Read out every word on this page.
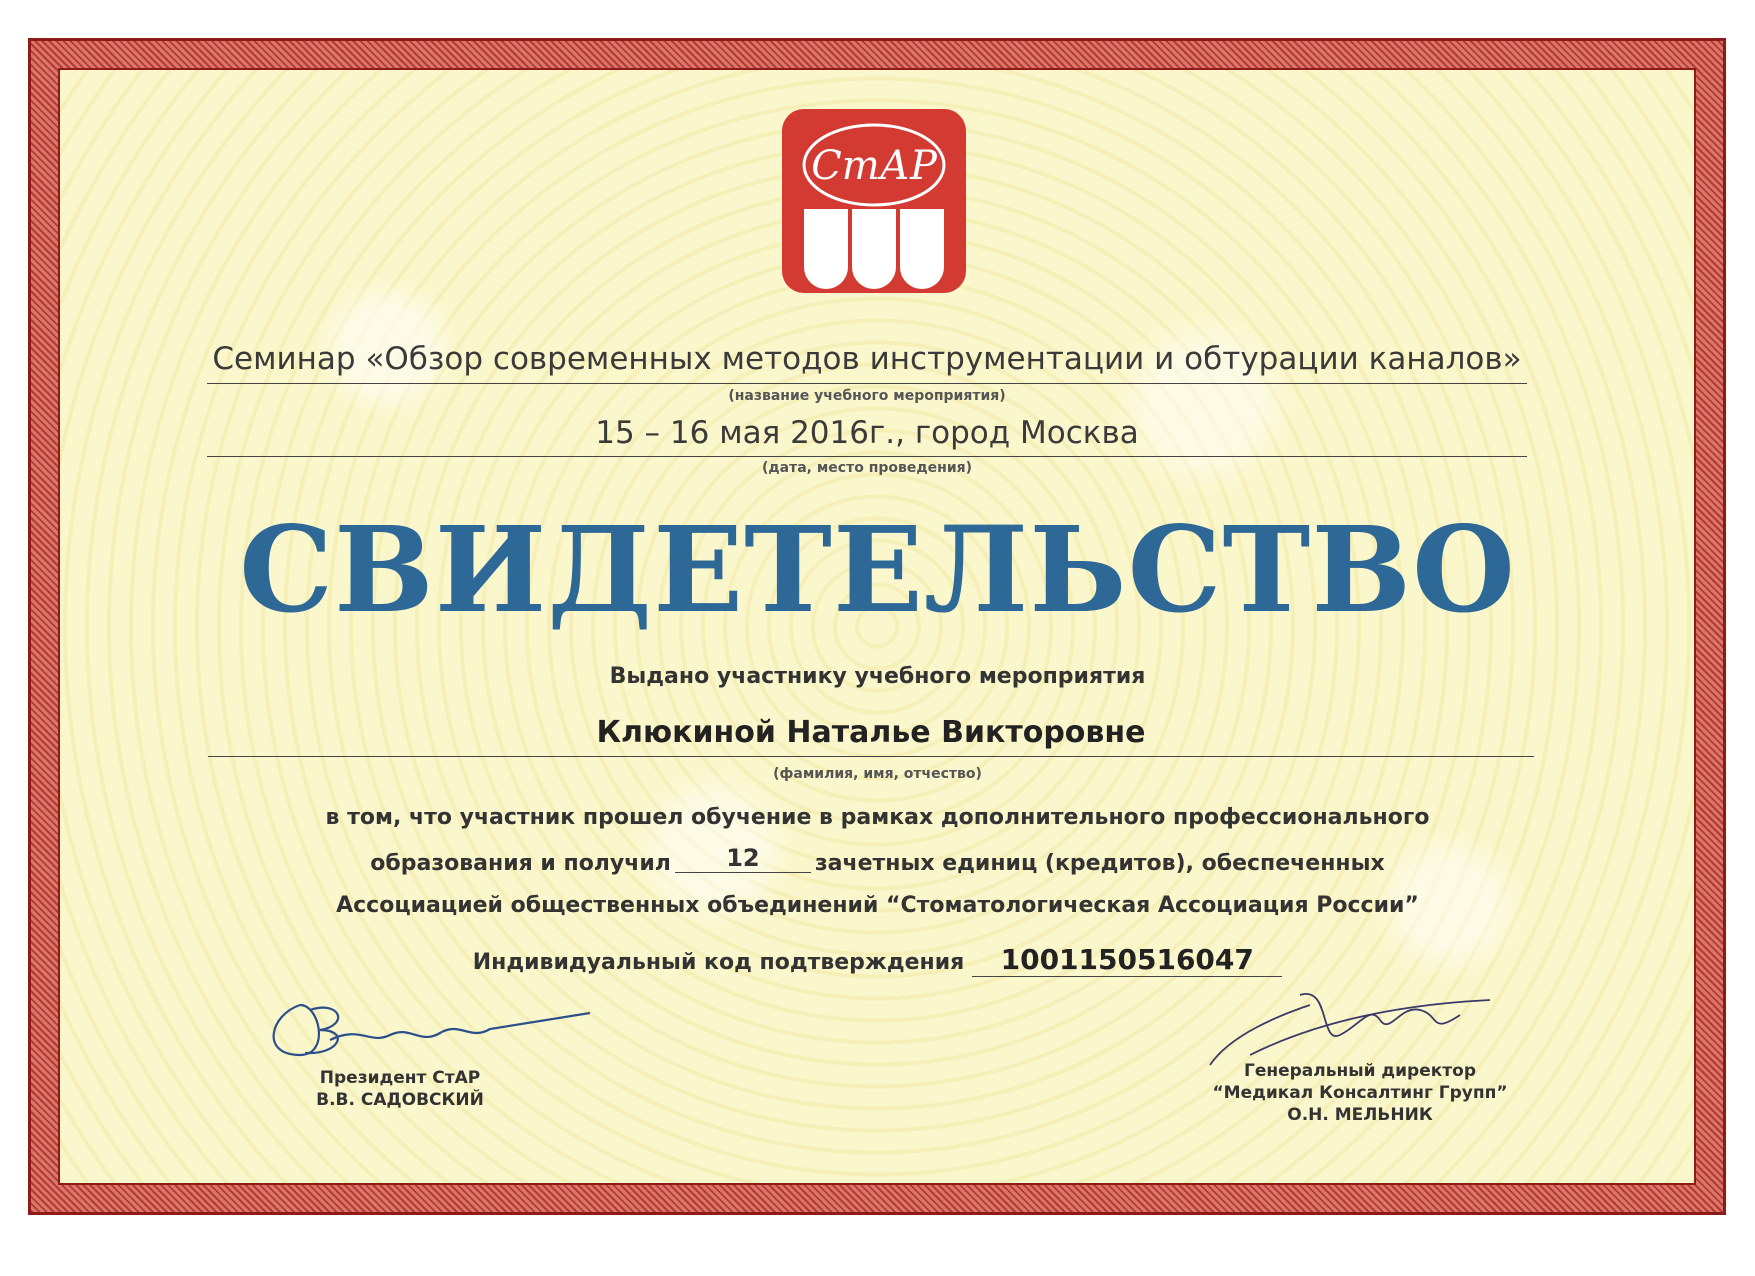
СтАР
Семинар «Обзор современных методов инструментации и обтурации каналов»
(название учебного мероприятия)
15 – 16 мая 2016г., город Москва
(дата, место проведения)
СВИДЕТЕЛЬСТВО
Выдано участнику учебного мероприятия
Клюкиной Наталье Викторовне
(фамилия, имя, отчество)
в том, что участник прошел обучение в рамках дополнительного профессионального
образования и получил 12	зачетных единиц (кредитов), обеспеченных
Ассоциацией общественных объединений “Стоматологическая Ассоциация России”
Индивидуальный код подтверждения 1001150516047
Президент СтАР
В.В. САДОВСКИЙ
Генеральный директор
“Медикал Консалтинг Групп”
О.Н. МЕЛЬНИК
